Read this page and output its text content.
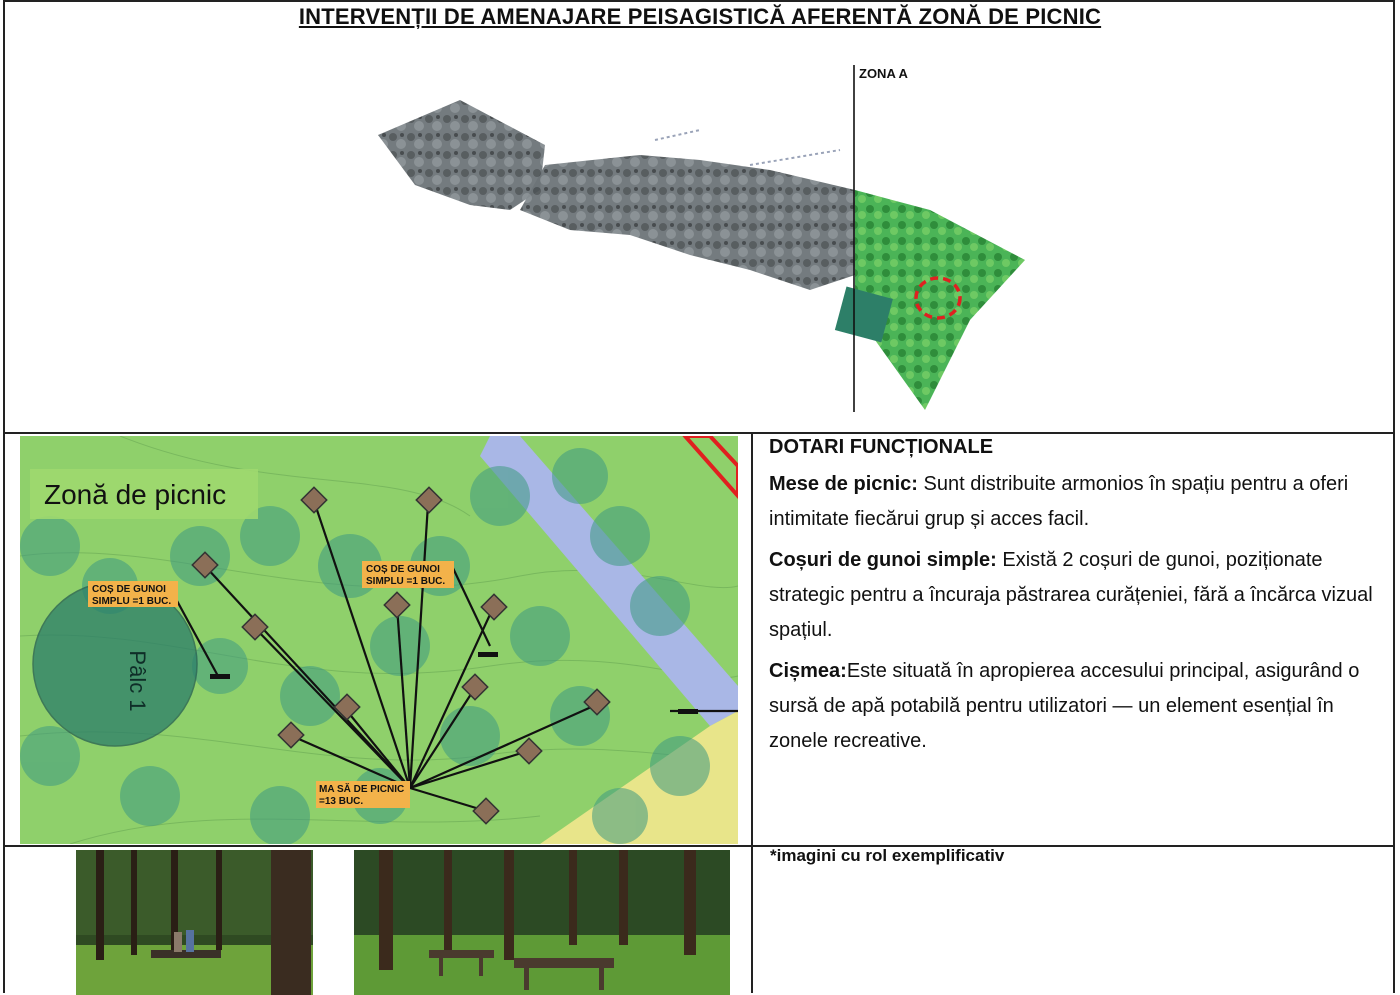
INTERVENȚII DE AMENAJARE PEISAGISTICĂ AFERENTĂ ZONĂ DE PICNIC
ZONA A
Pâlc 1
Zonă de picnic
COȘ DE GUNOI
SIMPLU =1 BUC.
COȘ DE GUNOI
SIMPLU =1 BUC.
MA SĂ DE PICNIC
=13 BUC.
DOTARI FUNCȚIONALE

Mese de picnic: Sunt distribuite armonios în spațiu pentru a oferi intimitate fiecărui grup și acces facil.

Coșuri de gunoi simple: Există 2 coșuri de gunoi, poziționate strategic pentru a încuraja păstrarea curățeniei, fără a încărca vizual spațiul.

Cișmea:Este situată în apropierea accesului principal, asigurând o sursă de apă potabilă pentru utilizatori — un element esențial în zonele recreative.

*imagini cu rol exemplificativ
